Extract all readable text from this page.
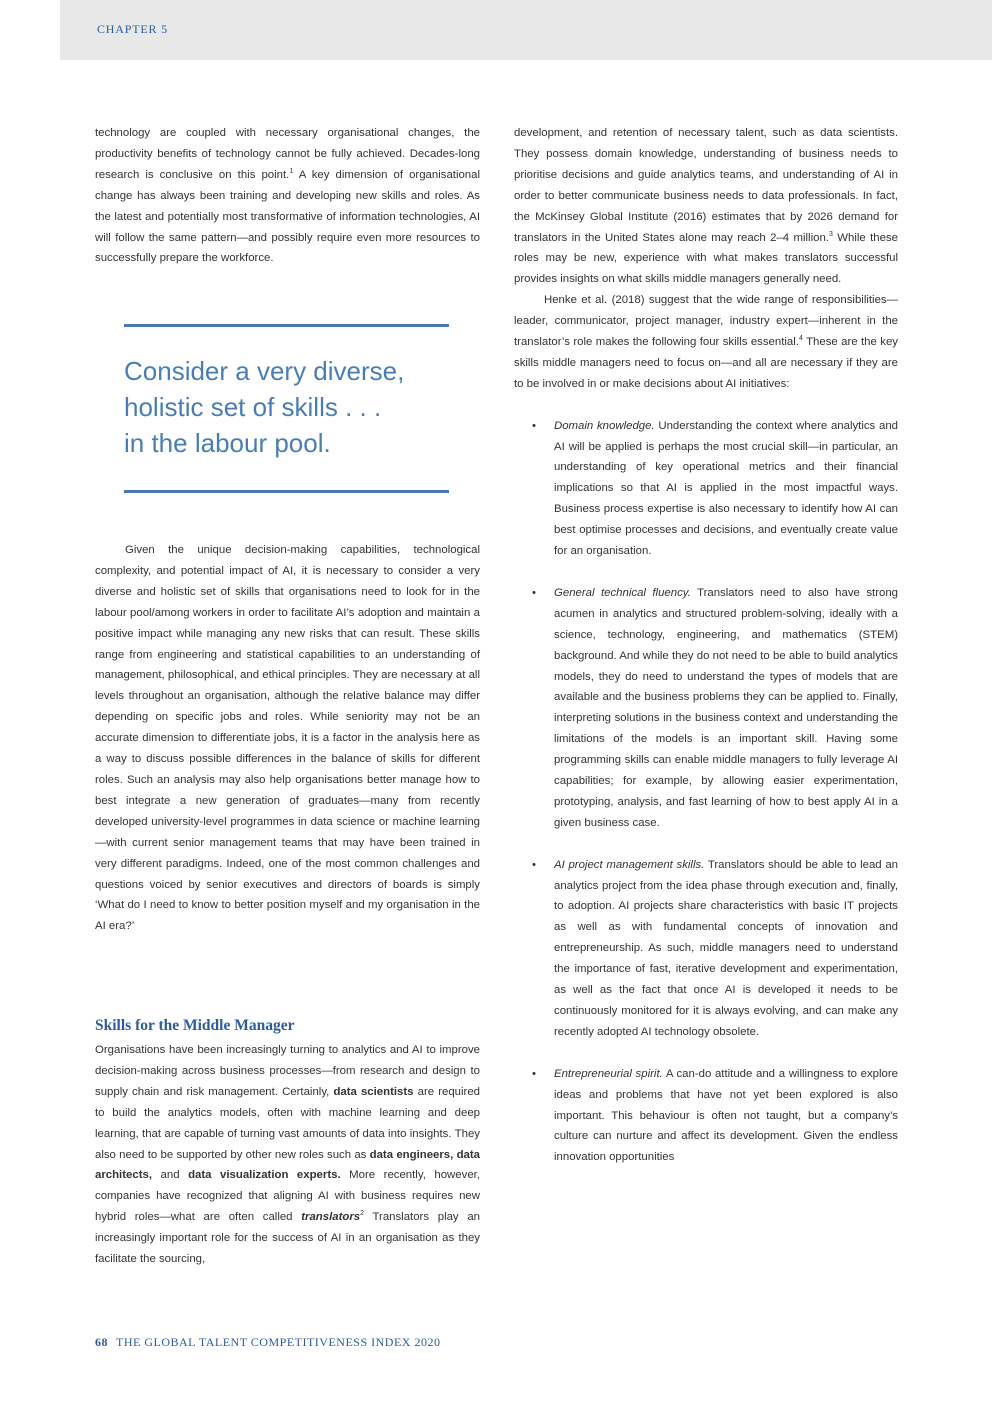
CHAPTER 5

technology are coupled with necessary organisational changes, the productivity benefits of technology cannot be fully achieved. Decades-long research is conclusive on this point.$^1$ A key dimension of organisational change has always been training and developing new skills and roles. As the latest and potentially most transformative of information technologies, AI will follow the same pattern—and possibly require even more resources to successfully prepare the workforce.

Consider a very diverse,
holistic set of skills . . .
in the labour pool.

Given the unique decision-making capabilities, technological complexity, and potential impact of AI, it is necessary to consider a very diverse and holistic set of skills that organisations need to look for in the labour pool/among workers in order to facilitate AI’s adoption and maintain a positive impact while managing any new risks that can result. These skills range from engineering and statistical capabilities to an understanding of management, philosophical, and ethical principles. They are necessary at all levels throughout an organisation, although the relative balance may differ depending on specific jobs and roles. While seniority may not be an accurate dimension to differentiate jobs, it is a factor in the analysis here as a way to discuss possible differences in the balance of skills for different roles. Such an analysis may also help organisations better manage how to best integrate a new generation of graduates—many from recently developed university-level programmes in data science or machine learning—with current senior management teams that may have been trained in very different paradigms. Indeed, one of the most common challenges and questions voiced by senior executives and directors of boards is simply ‘What do I need to know to better position myself and my organisation in the AI era?’

Skills for the Middle Manager

Organisations have been increasingly turning to analytics and AI to improve decision-making across business processes—from research and design to supply chain and risk management. Certainly, data scientists are required to build the analytics models, often with machine learning and deep learning, that are capable of turning vast amounts of data into insights. They also need to be supported by other new roles such as data engineers, data architects, and data visualization experts. More recently, however, companies have recognized that aligning AI with business requires new hybrid roles—what are often called translators$^2$ Translators play an increasingly important role for the success of AI in an organisation as they facilitate the sourcing,

development, and retention of necessary talent, such as data scientists. They possess domain knowledge, understanding of business needs to prioritise decisions and guide analytics teams, and understanding of AI in order to better communicate business needs to data professionals. In fact, the McKinsey Global Institute (2016) estimates that by 2026 demand for translators in the United States alone may reach 2–4 million.$^3$ While these roles may be new, experience with what makes translators successful provides insights on what skills middle managers generally need.

Henke et al. (2018) suggest that the wide range of responsibilities—leader, communicator, project manager, industry expert—inherent in the translator’s role makes the following four skills essential.$^4$ These are the key skills middle managers need to focus on—and all are necessary if they are to be involved in or make decisions about AI initiatives:

• Domain knowledge. Understanding the context where analytics and AI will be applied is perhaps the most crucial skill—in particular, an understanding of key operational metrics and their financial implications so that AI is applied in the most impactful ways. Business process expertise is also necessary to identify how AI can best optimise processes and decisions, and eventually create value for an organisation.
• General technical fluency. Translators need to also have strong acumen in analytics and structured problem-solving, ideally with a science, technology, engineering, and mathematics (STEM) background. And while they do not need to be able to build analytics models, they do need to understand the types of models that are available and the business problems they can be applied to. Finally, interpreting solutions in the business context and understanding the limitations of the models is an important skill. Having some programming skills can enable middle managers to fully leverage AI capabilities; for example, by allowing easier experimentation, prototyping, analysis, and fast learning of how to best apply AI in a given business case.
• AI project management skills. Translators should be able to lead an analytics project from the idea phase through execution and, finally, to adoption. AI projects share characteristics with basic IT projects as well as with fundamental concepts of innovation and entrepreneurship. As such, middle managers need to understand the importance of fast, iterative development and experimentation, as well as the fact that once AI is developed it needs to be continuously monitored for it is always evolving, and can make any recently adopted AI technology obsolete.
• Entrepreneurial spirit. A can-do attitude and a willingness to explore ideas and problems that have not yet been explored is also important. This behaviour is often not taught, but a company’s culture can nurture and affect its development. Given the endless innovation opportunities
68 THE GLOBAL TALENT COMPETITIVENESS INDEX 2020
